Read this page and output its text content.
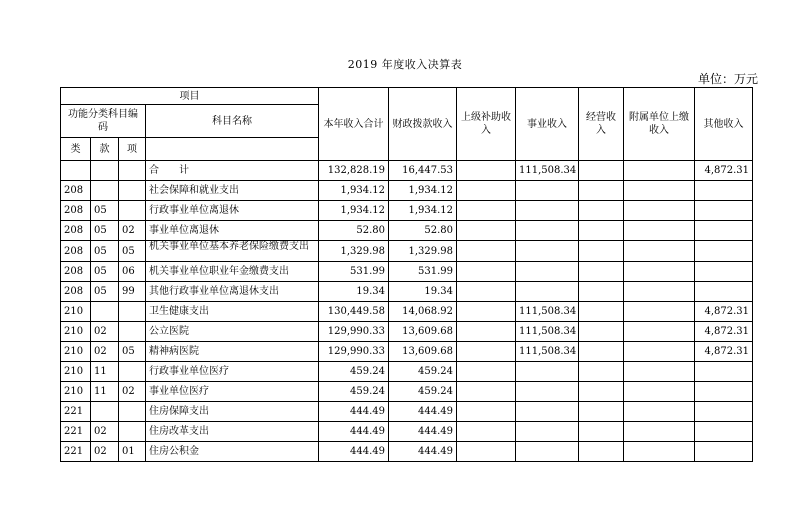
2019 年度收入决算表
单位：万元
项目				本年收入合计	财政拨款收入	上级补助收入	事业收入	经营收入	附属单位上缴收入	其他收入
功能分类科目编码			科目名称							
类	款	项								
			合　　计	132,828.19	16,447.53		111,508.34			4,872.31
208			社会保障和就业支出	1,934.12	1,934.12					
208	05		行政事业单位离退休	1,934.12	1,934.12					
208	05	02	事业单位离退休	52.80	52.80					
208	05	05	机关事业单位基本养老保险缴费支出	1,329.98	1,329.98					
208	05	06	机关事业单位职业年金缴费支出	531.99	531.99					
208	05	99	其他行政事业单位离退休支出	19.34	19.34					
210			卫生健康支出	130,449.58	14,068.92		111,508.34			4,872.31
210	02		公立医院	129,990.33	13,609.68		111,508.34			4,872.31
210	02	05	精神病医院	129,990.33	13,609.68		111,508.34			4,872.31
210	11		行政事业单位医疗	459.24	459.24					
210	11	02	事业单位医疗	459.24	459.24					
221			住房保障支出	444.49	444.49					
221	02		住房改革支出	444.49	444.49					
221	02	01	住房公积金	444.49	444.49					
